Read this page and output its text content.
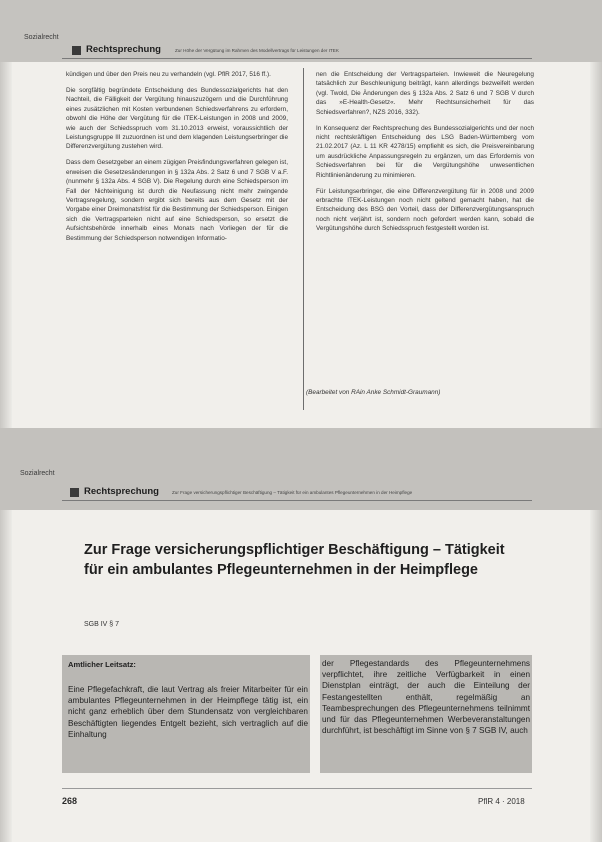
Sozialrecht
Rechtsprechung	Zur Höhe der Vergütung im Rahmen des Modellvertrags für Leistungen der ITEK

kündigen und über den Preis neu zu verhandeln (vgl. PflR 2017, 516 ff.).

Die sorgfältig begründete Entscheidung des Bundessozialgerichts hat den Nachteil, die Fälligkeit der Vergütung hinauszuzögern und die Durchführung eines zusätzlichen mit Kosten verbundenen Schiedsverfahrens zu erfordern, obwohl die Höhe der Vergütung für die ITEK-Leistungen in 2008 und 2009, wie auch der Schiedsspruch vom 31.10.2013 erweist, voraussichtlich der Leistungsgruppe III zuzuordnen ist und dem klagenden Leistungserbringer die Differenzvergütung zustehen wird.

Dass dem Gesetzgeber an einem zügigen Preisfindungsverfahren gelegen ist, erweisen die Gesetzesänderungen in § 132a Abs. 2 Satz 6 und 7 SGB V a.F. (nunmehr § 132a Abs. 4 SGB V). Die Regelung durch eine Schiedsperson im Fall der Nichteinigung ist durch die Neufassung nicht mehr zwingende Vertragsregelung, sondern ergibt sich bereits aus dem Gesetz mit der Vorgabe einer Dreimonatsfrist für die Bestimmung der Schiedsperson. Einigen sich die Vertragsparteien nicht auf eine Schiedsperson, so ersetzt die Aufsichtsbehörde innerhalb eines Monats nach Vorliegen der für die Bestimmung der Schiedsperson notwendigen Informatio-

nen die Entscheidung der Vertragsparteien. Inwieweit die Neuregelung tatsächlich zur Beschleunigung beiträgt, kann allerdings bezweifelt werden (vgl. Twold, Die Änderungen des § 132a Abs. 2 Satz 6 und 7 SGB V durch das »E-Health-Gesetz«. Mehr Rechtsunsicherheit für das Schiedsverfahren?, NZS 2016, 332).

In Konsequenz der Rechtsprechung des Bundessozialgerichts und der noch nicht rechtskräftigen Entscheidung des LSG Baden-Württemberg vom 21.02.2017 (Az. L 11 KR 4278/15) empfiehlt es sich, die Preisvereinbarung um ausdrückliche Anpassungsregeln zu ergänzen, um das Erfordernis von Schiedsverfahren bei für die Vergütungshöhe unwesentlichen Richtlinienänderung zu minimieren.

Für Leistungserbringer, die eine Differenzvergütung für in 2008 und 2009 erbrachte ITEK-Leistungen noch nicht geltend gemacht haben, hat die Entscheidung des BSG den Vorteil, dass der Differenzvergütungsanspruch noch nicht verjährt ist, sondern noch gefordert werden kann, sobald die Vergütungshöhe durch Schiedsspruch festgestellt worden ist.

(Bearbeitet von RAin Anke Schmidt-Graumann)
Sozialrecht
Rechtsprechung	Zur Frage versicherungspflichtiger Beschäftigung – Tätigkeit für ein ambulantes Pflegeunternehmen in der Heimpflege
Zur Frage versicherungspflichtiger Beschäftigung – Tätigkeit für ein ambulantes Pflegeunternehmen in der Heimpflege
SGB IV § 7
Amtlicher Leitsatz:
Eine Pflegefachkraft, die laut Vertrag als freier Mitarbeiter für ein ambulantes Pflegeunternehmen in der Heimpflege tätig ist, ein nicht ganz erheblich über dem Stundensatz von vergleichbaren Beschäftigten liegendes Entgelt bezieht, sich vertraglich auf die Einhaltung
der Pflegestandards des Pflegeunternehmens verpflichtet, ihre zeitliche Verfügbarkeit in einen Dienstplan einträgt, der auch die Einteilung der Festangestellten enthält, regelmäßig an Teambesprechungen des Pflegeunternehmens teilnimmt und für das Pflegeunternehmen Werbeveranstaltungen durchführt, ist beschäftigt im Sinne von § 7 SGB IV, auch
268	PflR 4 · 2018
